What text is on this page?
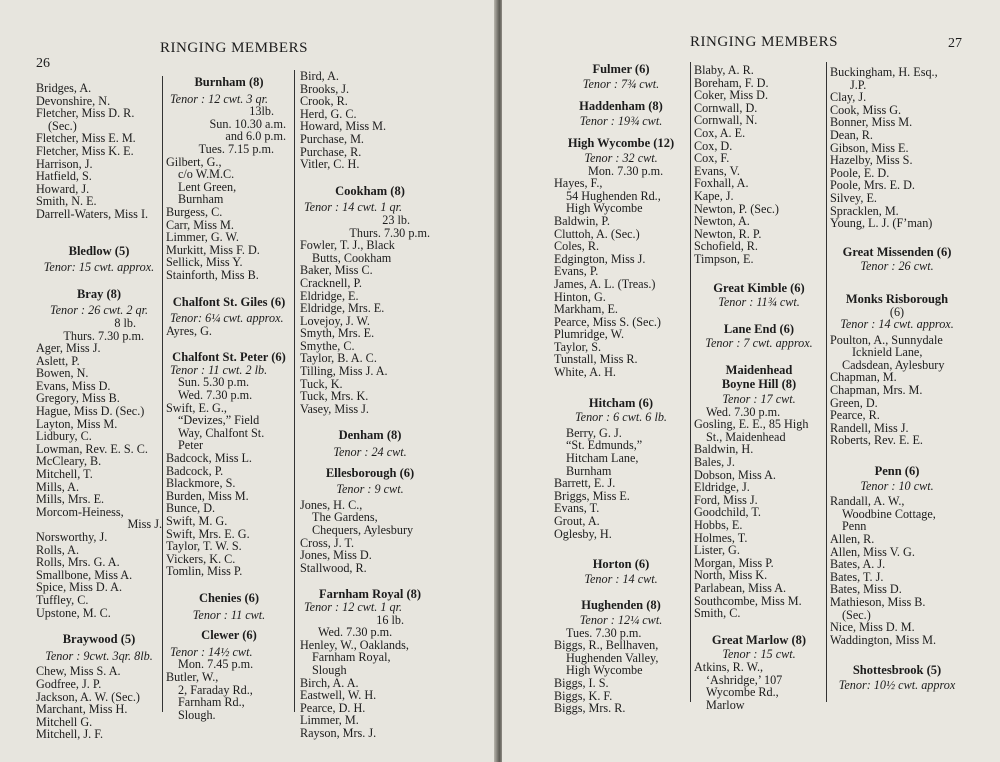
26
RINGING MEMBERS
Bridges, A.
Devonshire, N.
Fletcher, Miss D. R.
(Sec.)
Fletcher, Miss E. M.
Fletcher, Miss K. E.
Harrison, J.
Hatfield, S.
Howard, J.
Smith, N. E.
Darrell-Waters, Miss I.
Bledlow (5)
Tenor: 15 cwt. approx.
Bray (8)
Tenor : 26 cwt. 2 qr.
8 lb.
Thurs. 7.30 p.m.
Ager, Miss J.
Aslett, P.
Bowen, N.
Evans, Miss D.
Gregory, Miss B.
Hague, Miss D. (Sec.)
Layton, Miss M.
Lidbury, C.
Lowman, Rev. E. S. C.
McCleary, B.
Mitchell, T.
Mills, A.
Mills, Mrs. E.
Morcom-Heiness,
Miss J.
Norsworthy, J.
Rolls, A.
Rolls, Mrs. G. A.
Smallbone, Miss A.
Spice, Miss D. A.
Tuffley, C.
Upstone, M. C.
Braywood (5)
Tenor : 9cwt. 3qr. 8lb.
Chew, Miss S. A.
Godfree, J. P.
Jackson, A. W. (Sec.)
Marchant, Miss H.
Mitchell G.
Mitchell, J. F.
Burnham (8)
Tenor : 12 cwt. 3 qr.
13lb.
Sun. 10.30 a.m.
and 6.0 p.m.
Tues. 7.15 p.m.
Gilbert, G.,
c/o W.M.C.
Lent Green,
Burnham
Burgess, C.
Carr, Miss M.
Limmer, G. W.
Murkitt, Miss F. D.
Sellick, Miss Y.
Stainforth, Miss B.
Chalfont St. Giles (6)
Tenor: 6¼ cwt. approx.
Ayres, G.
Chalfont St. Peter (6)
Tenor : 11 cwt. 2 lb.
Sun. 5.30 p.m.
Wed. 7.30 p.m.
Swift, E. G.,
“Devizes,” Field
Way, Chalfont St.
Peter
Badcock, Miss L.
Badcock, P.
Blackmore, S.
Burden, Miss M.
Bunce, D.
Swift, M. G.
Swift, Mrs. E. G.
Taylor, T. W. S.
Vickers, K. C.
Tomlin, Miss P.
Chenies (6)
Tenor : 11 cwt.
Clewer (6)
Tenor : 14½ cwt.
Mon. 7.45 p.m.
Butler, W.,
2, Faraday Rd.,
Farnham Rd.,
Slough.
Bird, A.
Brooks, J.
Crook, R.
Herd, G. C.
Howard, Miss M.
Purchase, M.
Purchase, R.
Vitler, C. H.
Cookham (8)
Tenor : 14 cwt. 1 qr.
23 lb.
Thurs. 7.30 p.m.
Fowler, T. J., Black
Butts, Cookham
Baker, Miss C.
Cracknell, P.
Eldridge, E.
Eldridge, Mrs. E.
Lovejoy, J. W.
Smyth, Mrs. E.
Smythe, C.
Taylor, B. A. C.
Tilling, Miss J. A.
Tuck, K.
Tuck, Mrs. K.
Vasey, Miss J.
Denham (8)
Tenor : 24 cwt.
Ellesborough (6)
Tenor : 9 cwt.
Jones, H. C.,
The Gardens,
Chequers, Aylesbury
Cross, J. T.
Jones, Miss D.
Stallwood, R.
Farnham Royal (8)
Tenor : 12 cwt. 1 qr.
16 lb.
Wed. 7.30 p.m.
Henley, W., Oaklands,
Farnham Royal,
Slough
Birch, A. A.
Eastwell, W. H.
Pearce, D. H.
Limmer, M.
Rayson, Mrs. J.
RINGING MEMBERS	27
Fulmer (6)
Tenor : 7¾ cwt.
Haddenham (8)
Tenor : 19¾ cwt.
High Wycombe (12)
Tenor : 32 cwt.
Mon. 7.30 p.m.
Hayes, F.,
54 Hughenden Rd.,
High Wycombe
Baldwin, P.
Cluttoh, A. (Sec.)
Coles, R.
Edgington, Miss J.
Evans, P.
James, A. L. (Treas.)
Hinton, G.
Markham, E.
Pearce, Miss S. (Sec.)
Plumridge, W.
Taylor, S.
Tunstall, Miss R.
White, A. H.
Hitcham (6)
Tenor : 6 cwt. 6 lb.
Berry, G. J.
“St. Edmunds,”
Hitcham Lane,
Burnham
Barrett, E. J.
Briggs, Miss E.
Evans, T.
Grout, A.
Oglesby, H.
Horton (6)
Tenor : 14 cwt.
Hughenden (8)
Tenor : 12¼ cwt.
Tues. 7.30 p.m.
Biggs, R., Bellhaven,
Hughenden Valley,
High Wycombe
Biggs, I. S.
Biggs, K. F.
Biggs, Mrs. R.
Blaby, A. R.
Boreham, F. D.
Coker, Miss D.
Cornwall, D.
Cornwall, N.
Cox, A. E.
Cox, D.
Cox, F.
Evans, V.
Foxhall, A.
Kape, J.
Newton, P. (Sec.)
Newton, A.
Newton, R. P.
Schofield, R.
Timpson, E.
Great Kimble (6)
Tenor : 11¾ cwt.
Lane End (6)
Tenor : 7 cwt. approx.
Maidenhead
Boyne Hill (8)
Tenor : 17 cwt.
Wed. 7.30 p.m.
Gosling, E. E., 85 High
St., Maidenhead
Baldwin, H.
Bales, J.
Dobson, Miss A.
Eldridge, J.
Ford, Miss J.
Goodchild, T.
Hobbs, E.
Holmes, T.
Lister, G.
Morgan, Miss P.
North, Miss K.
Parlabean, Miss A.
Southcombe, Miss M.
Smith, C.
Great Marlow (8)
Tenor : 15 cwt.
Atkins, R. W.,
‘Ashridge,’ 107
Wycombe Rd.,
Marlow
Buckingham, H. Esq.,
J.P.
Clay, J.
Cook, Miss G.
Bonner, Miss M.
Dean, R.
Gibson, Miss E.
Hazelby, Miss S.
Poole, E. D.
Poole, Mrs. E. D.
Silvey, E.
Spracklen, M.
Young, L. J. (F’man)
Great Missenden (6)
Tenor : 26 cwt.
Monks Risborough
(6)
Tenor : 14 cwt. approx.
Poulton, A., Sunnydale
Icknield Lane,
Cadsdean, Aylesbury
Chapman, M.
Chapman, Mrs. M.
Green, D.
Pearce, R.
Randell, Miss J.
Roberts, Rev. E. E.
Penn (6)
Tenor : 10 cwt.
Randall, A. W.,
Woodbine Cottage,
Penn
Allen, R.
Allen, Miss V. G.
Bates, A. J.
Bates, T. J.
Bates, Miss D.
Mathieson, Miss B.
(Sec.)
Nice, Miss D. M.
Waddington, Miss M.
Shottesbrook (5)
Tenor: 10½ cwt. approx
